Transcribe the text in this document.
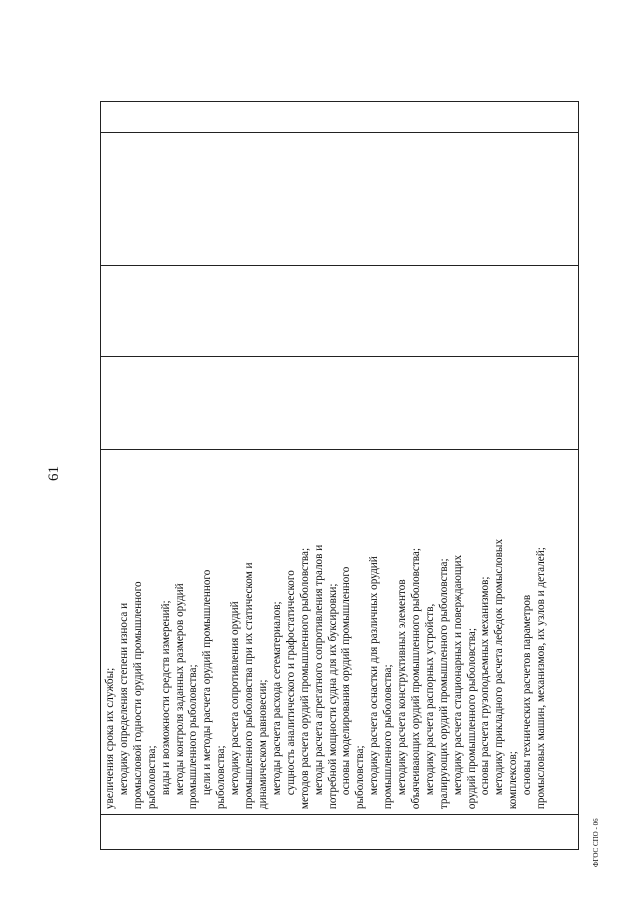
61
увеличения срока их службы; методику определения степени износа и промысловой годности орудий промышленного рыболовства; виды и возможности средств измерений; методы контроля заданных размеров орудий промышленного рыболовства; цели и методы расчета орудий промышленного рыболовства; методику расчета сопротивления орудий промышленного рыболовства при их статическом и динамическом равновесии; методы расчета расхода сетематериалов; сущность аналитического и графостатического методов расчета орудий промышленного рыболовства; методы расчета агрегатного сопротивления тралов и потребной мощности судна для их буксировки; основы моделирования орудий промышленного рыболовства; методику расчета оснастки для различных орудий промышленного рыболовства; методику расчета конструктивных элементов объячеивающих орудий промышленного рыболовства; методику расчета распорных устройств, тралирующих орудий промышленного рыболовства; методику расчета стационарных и поверждающих орудий промышленного рыболовства; основы расчета грузоподъемных механизмов; методику прикладного расчета лебедок промысловых комплексов; основы технических расчетов параметров промысловых машин, механизмов, их узлов и деталей;
ФГОС СПО - 06
